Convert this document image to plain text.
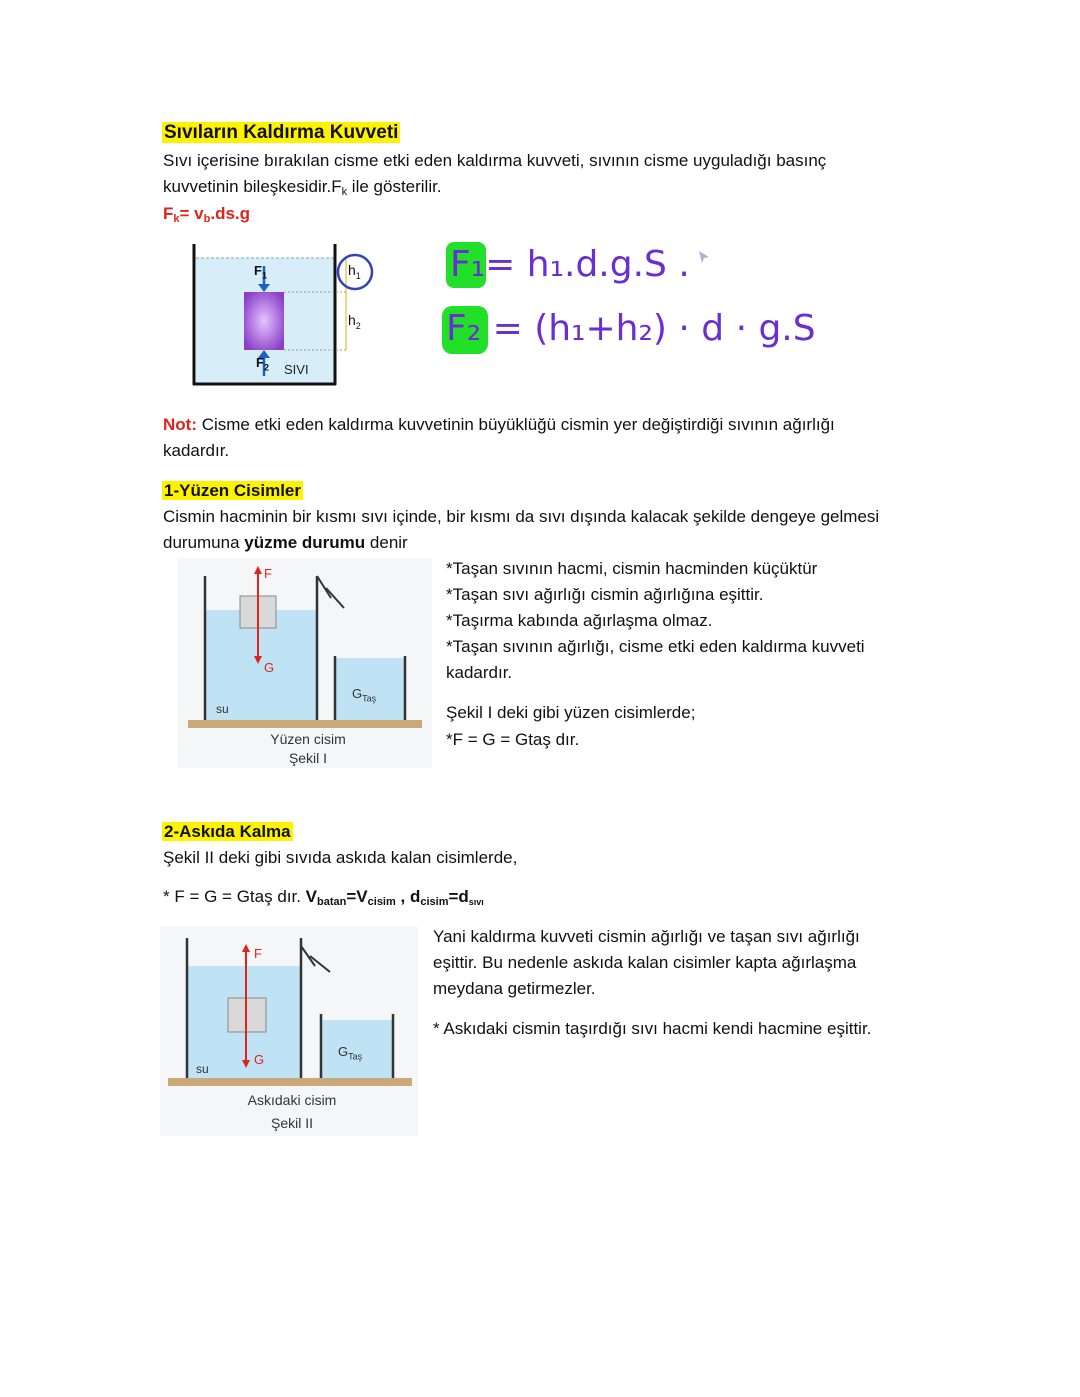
Sıvıların Kaldırma Kuvveti
Sıvı içerisine bırakılan cisme etki eden kaldırma kuvveti, sıvının cisme uyguladığı basınç
kuvvetinin $bileşkesidir.F_k$ ile gösterilir.
$F_k= v_b.ds.g$
$F_1$
$F_2$
$h_1$
$h_2$
SIVI
F₁= h₁.d.g.S .
F₂ = (h₁+h₂) · d · g.S
Not: Cisme etki eden kaldırma kuvvetinin büyüklüğü cismin yer değiştirdiği sıvının ağırlığı
kadardır.
1-Yüzen Cisimler
Cismin hacminin bir kısmı sıvı içinde, bir kısmı da sıvı dışında kalacak şekilde dengeye gelmesi
durumuna yüzme durumu denir
*Taşan sıvının hacmi, cismin hacminden küçüktür
*Taşan sıvı ağırlığı cismin ağırlığına eşittir.
*Taşırma kabında ağırlaşma olmaz.
*Taşan sıvının ağırlığı, cisme etki eden kaldırma kuvveti
kadardır.
Şekil I deki gibi yüzen cisimlerde;
*F = G = Gtaş dır.
F
G
$G_{Taş}$
su
Yüzen cisim
Şekil I
2-Askıda Kalma
Şekil II deki gibi sıvıda askıda kalan cisimlerde,
* F = G = Gtaş dır. $V_{batan}=V_{cisim}$ , $d_{cisim}=d_{sıvı}$
Yani kaldırma kuvveti cismin ağırlığı ve taşan sıvı ağırlığı
eşittir. Bu nedenle askıda kalan cisimler kapta ağırlaşma
meydana getirmezler.
* Askıdaki cismin taşırdığı sıvı hacmi kendi hacmine eşittir.
F
G
$G_{Taş}$
su
Askıdaki cisim
Şekil II
